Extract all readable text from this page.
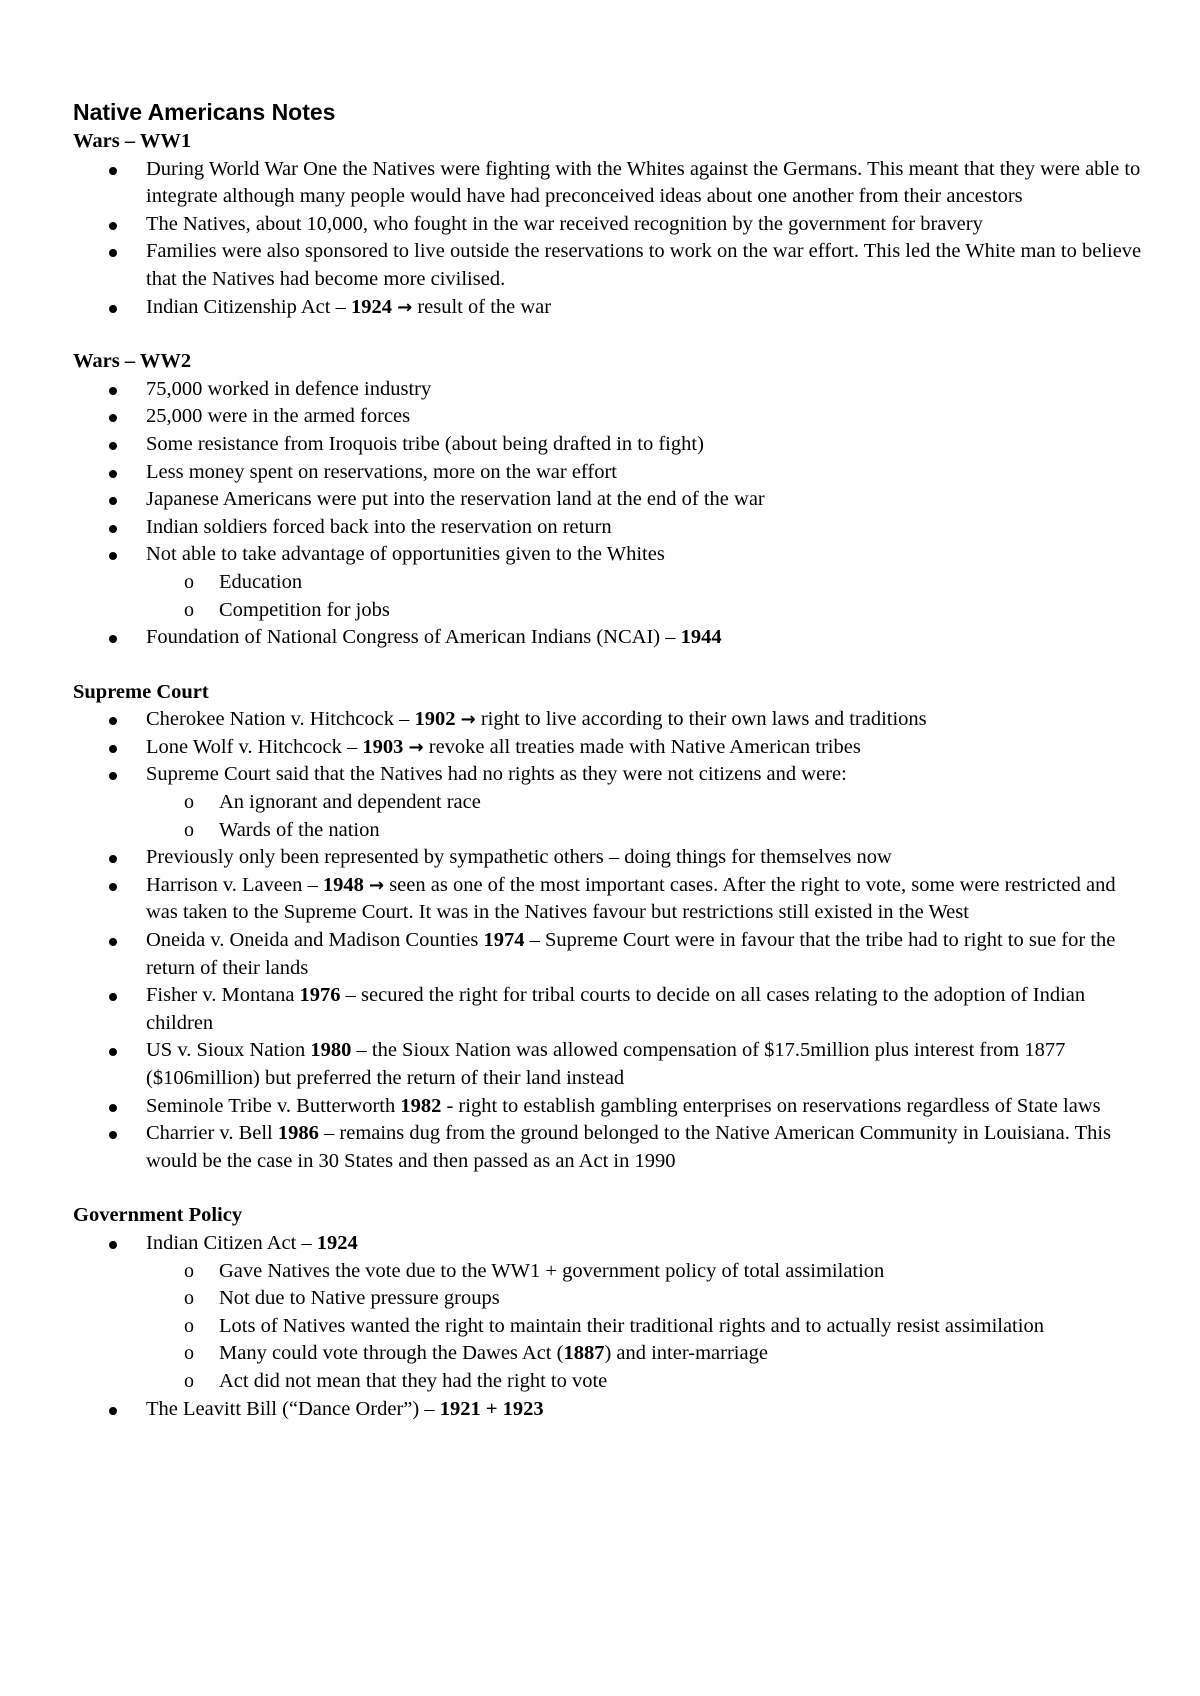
Native Americans Notes
Wars – WW1
During World War One the Natives were fighting with the Whites against the Germans. This meant that they were able to integrate although many people would have had preconceived ideas about one another from their ancestors
The Natives, about 10,000, who fought in the war received recognition by the government for bravery
Families were also sponsored to live outside the reservations to work on the war effort. This led the White man to believe that the Natives had become more civilised.
Indian Citizenship Act – 1924 → result of the war
Wars – WW2
75,000 worked in defence industry
25,000 were in the armed forces
Some resistance from Iroquois tribe (about being drafted in to fight)
Less money spent on reservations, more on the war effort
Japanese Americans were put into the reservation land at the end of the war
Indian soldiers forced back into the reservation on return
Not able to take advantage of opportunities given to the Whites
o Education
o Competition for jobs
Foundation of National Congress of American Indians (NCAI) – 1944
Supreme Court
Cherokee Nation v. Hitchcock – 1902 → right to live according to their own laws and traditions
Lone Wolf v. Hitchcock – 1903 → revoke all treaties made with Native American tribes
Supreme Court said that the Natives had no rights as they were not citizens and were:
o An ignorant and dependent race
o Wards of the nation
Previously only been represented by sympathetic others – doing things for themselves now
Harrison v. Laveen – 1948 → seen as one of the most important cases. After the right to vote, some were restricted and was taken to the Supreme Court. It was in the Natives favour but restrictions still existed in the West
Oneida v. Oneida and Madison Counties 1974 – Supreme Court were in favour that the tribe had to right to sue for the return of their lands
Fisher v. Montana 1976 – secured the right for tribal courts to decide on all cases relating to the adoption of Indian children
US v. Sioux Nation 1980 – the Sioux Nation was allowed compensation of $17.5million plus interest from 1877 ($106million) but preferred the return of their land instead
Seminole Tribe v. Butterworth 1982 - right to establish gambling enterprises on reservations regardless of State laws
Charrier v. Bell 1986 – remains dug from the ground belonged to the Native American Community in Louisiana. This would be the case in 30 States and then passed as an Act in 1990
Government Policy
Indian Citizen Act – 1924
o Gave Natives the vote due to the WW1 + government policy of total assimilation
o Not due to Native pressure groups
o Lots of Natives wanted the right to maintain their traditional rights and to actually resist assimilation
o Many could vote through the Dawes Act (1887) and inter-marriage
o Act did not mean that they had the right to vote
The Leavitt Bill (“Dance Order”) – 1921 + 1923
